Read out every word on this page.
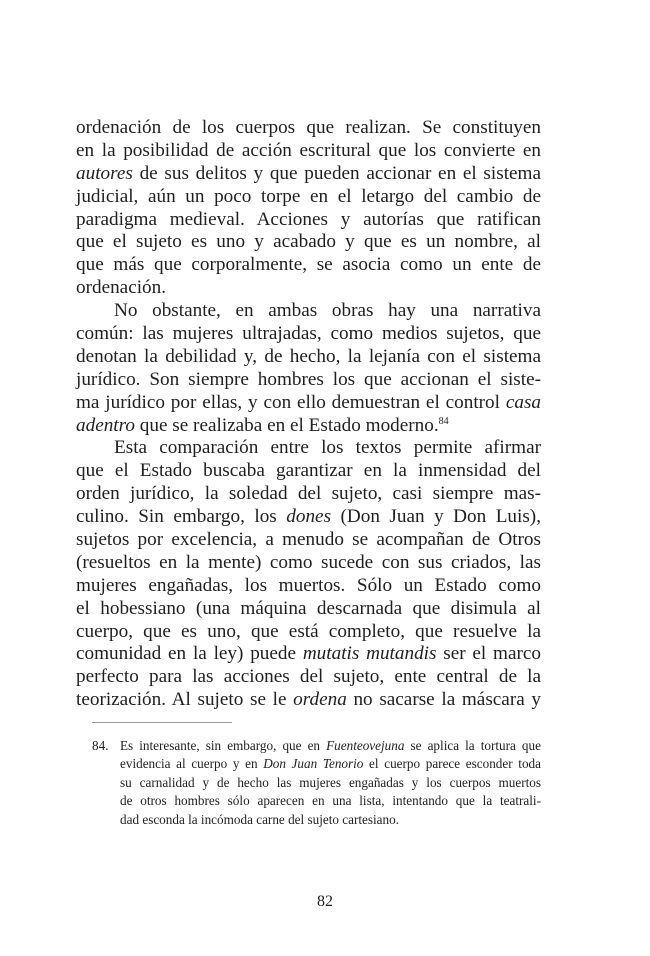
ordenación de los cuerpos que realizan. Se constituyen
en la posibilidad de acción escritural que los convierte en
autores de sus delitos y que pueden accionar en el sistema
judicial, aún un poco torpe en el letargo del cambio de
paradigma medieval. Acciones y autorías que ratifican
que el sujeto es uno y acabado y que es un nombre, al
que más que corporalmente, se asocia como un ente de
ordenación.
No obstante, en ambas obras hay una narrativa
común: las mujeres ultrajadas, como medios sujetos, que
denotan la debilidad y, de hecho, la lejanía con el sistema
jurídico. Son siempre hombres los que accionan el siste-
ma jurídico por ellas, y con ello demuestran el control casa
adentro que se realizaba en el Estado moderno.$^{84}$
Esta comparación entre los textos permite afirmar
que el Estado buscaba garantizar en la inmensidad del
orden jurídico, la soledad del sujeto, casi siempre mas-
culino. Sin embargo, los dones (Don Juan y Don Luis),
sujetos por excelencia, a menudo se acompañan de Otros
(resueltos en la mente) como sucede con sus criados, las
mujeres engañadas, los muertos. Sólo un Estado como
el hobessiano (una máquina descarnada que disimula al
cuerpo, que es uno, que está completo, que resuelve la
comunidad en la ley) puede mutatis mutandis ser el marco
perfecto para las acciones del sujeto, ente central de la
teorización. Al sujeto se le ordena no sacarse la máscara y
84. Es interesante, sin embargo, que en Fuenteovejuna se aplica la tortura que
evidencia al cuerpo y en Don Juan Tenorio el cuerpo parece esconder toda
su carnalidad y de hecho las mujeres engañadas y los cuerpos muertos
de otros hombres sólo aparecen en una lista, intentando que la teatrali-
dad esconda la incómoda carne del sujeto cartesiano.
82
